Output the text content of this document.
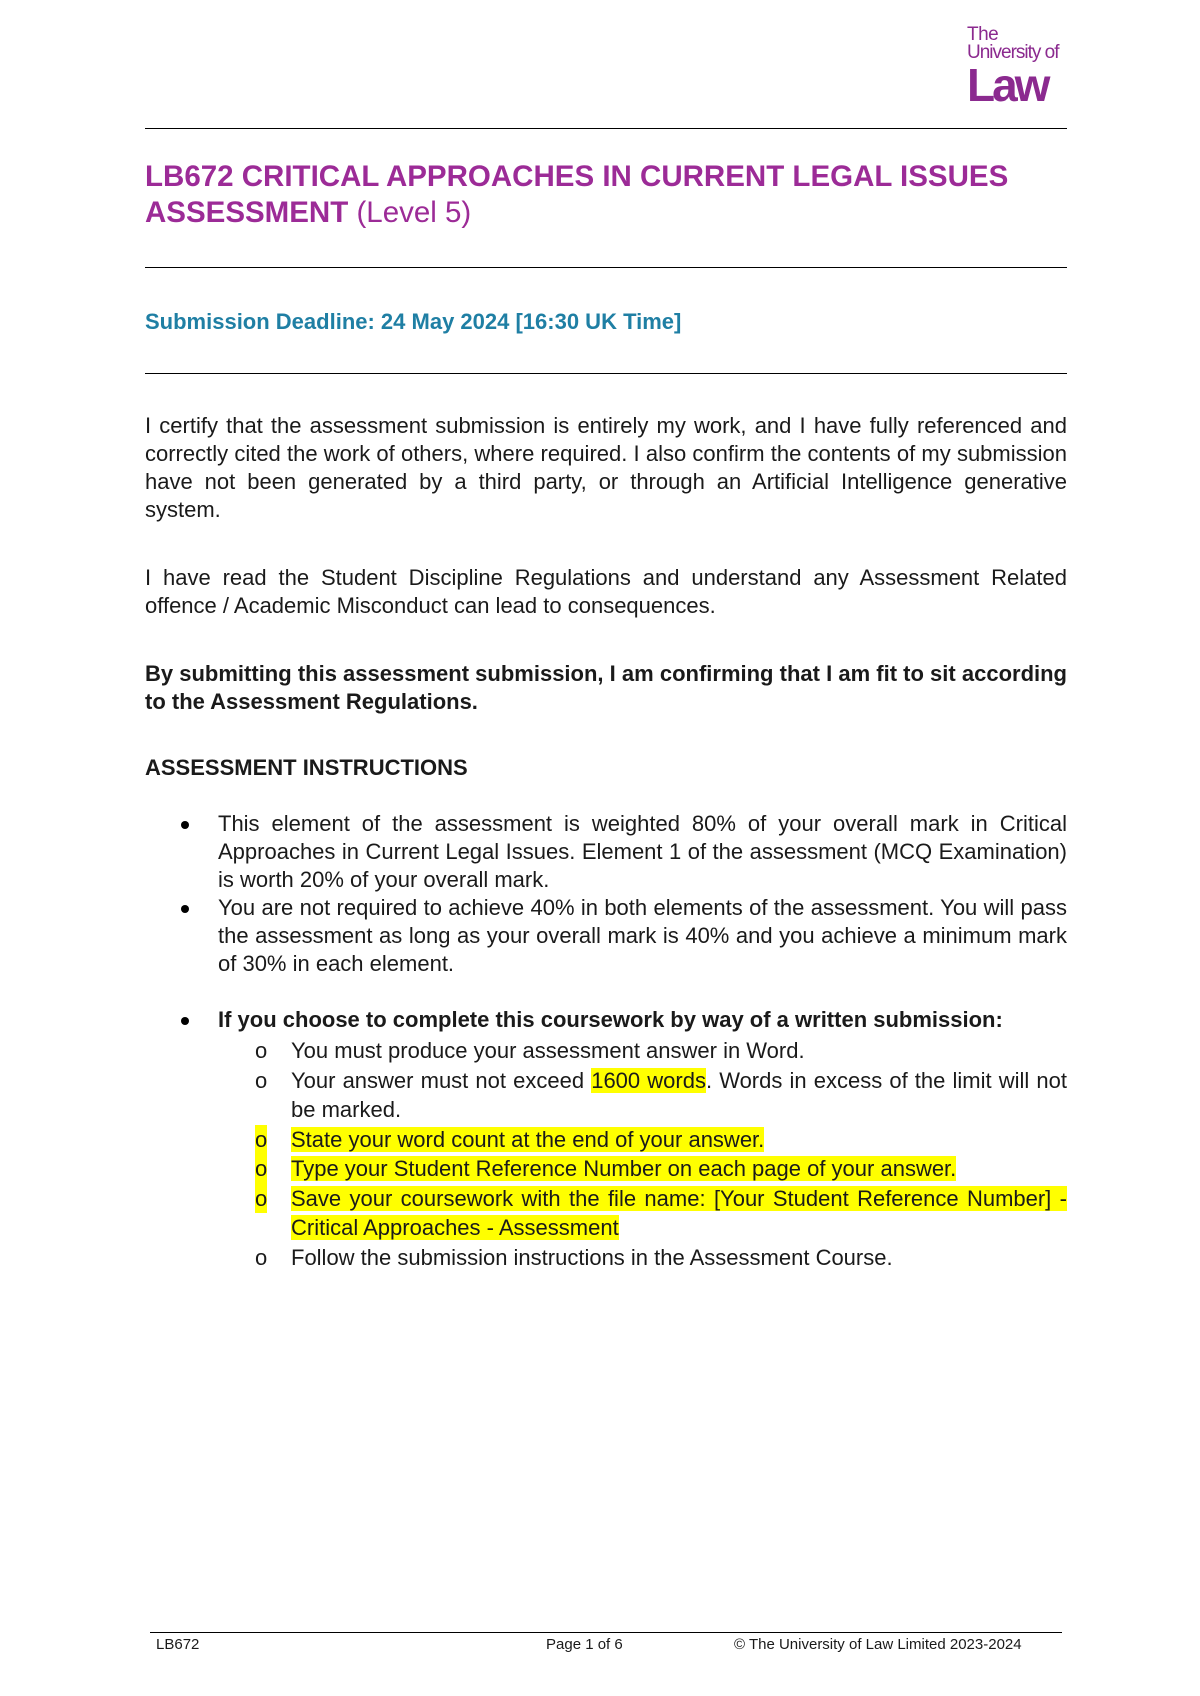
The
University of
Law
LB672 CRITICAL APPROACHES IN CURRENT LEGAL ISSUES ASSESSMENT (Level 5)

Submission Deadline: 24 May 2024 [16:30 UK Time]

I certify that the assessment submission is entirely my work, and I have fully referenced and correctly cited the work of others, where required. I also confirm the contents of my submission have not been generated by a third party, or through an Artificial Intelligence generative system.

I have read the Student Discipline Regulations and understand any Assessment Related offence / Academic Misconduct can lead to consequences.

By submitting this assessment submission, I am confirming that I am fit to sit according to the Assessment Regulations.

ASSESSMENT INSTRUCTIONS

This element of the assessment is weighted 80% of your overall mark in Critical Approaches in Current Legal Issues. Element 1 of the assessment (MCQ Examination) is worth 20% of your overall mark.
You are not required to achieve 40% in both elements of the assessment. You will pass the assessment as long as your overall mark is 40% and you achieve a minimum mark of 30% in each element.
If you choose to complete this coursework by way of a written submission:
o You must produce your assessment answer in Word.
o Your answer must not exceed 1600 words. Words in excess of the limit will not be marked.
o State your word count at the end of your answer.
o Type your Student Reference Number on each page of your answer.
o Save your coursework with the file name: [Your Student Reference Number] - Critical Approaches - Assessment
o Follow the submission instructions in the Assessment Course.
LB672	Page 1 of 6	© The University of Law Limited 2023-2024
